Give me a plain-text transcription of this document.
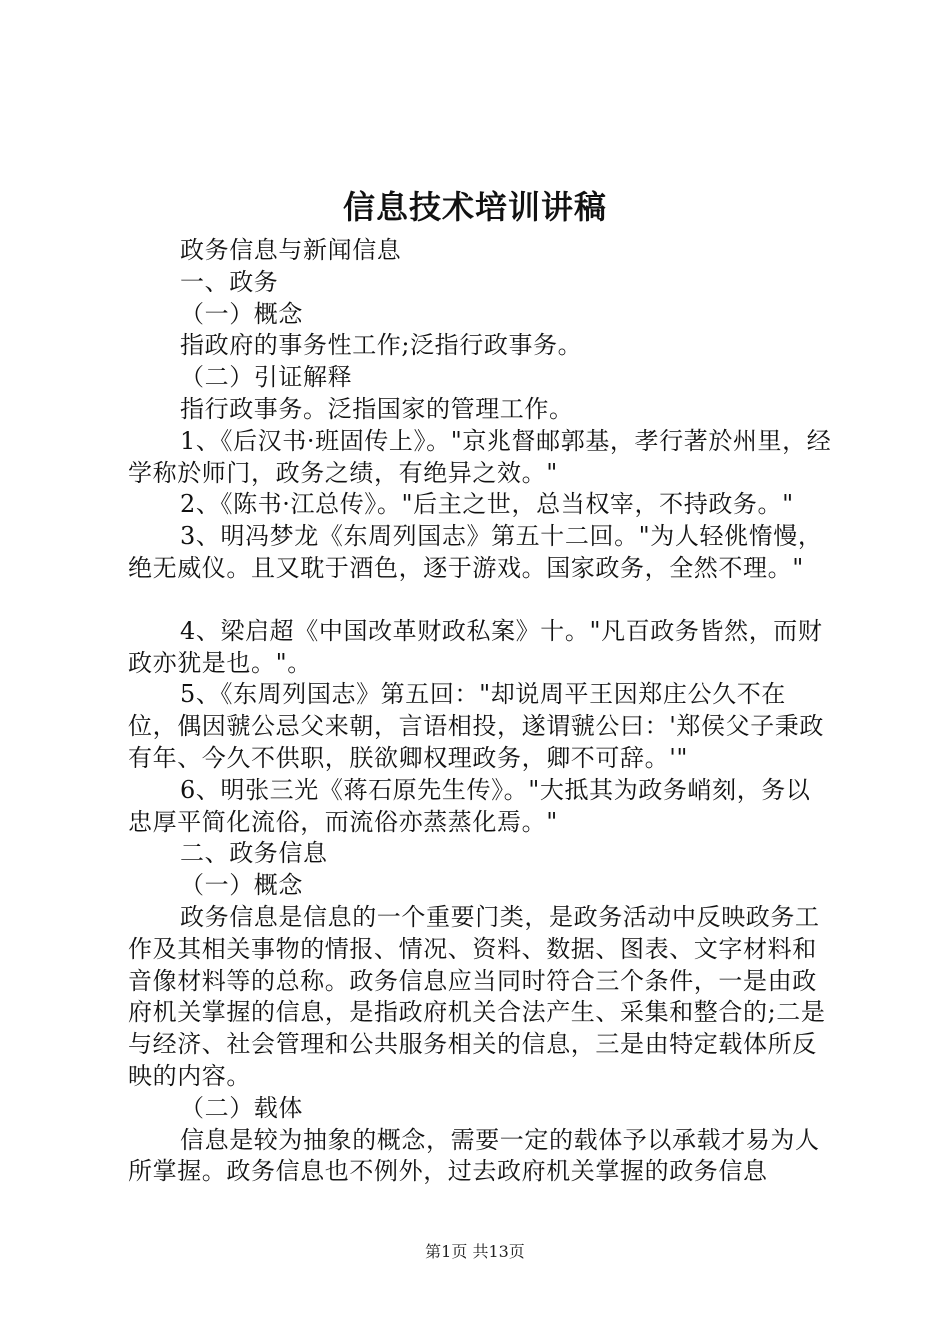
信息技术培训讲稿

政务信息与新闻信息

一、政务

（一）概念

指政府的事务性工作;泛指行政事务。

（二）引证解释

指行政事务。泛指国家的管理工作。

1、《后汉书·班固传上》。"京兆督邮郭基，孝行著於州里，经学称於师门，政务之绩，有绝异之效。"

2、《陈书·江总传》。"后主之世，总当权宰，不持政务。"

3、明冯梦龙《东周列国志》第五十二回。"为人轻佻惰慢，绝无威仪。且又耽于酒色，逐于游戏。国家政务，全然不理。"

4、梁启超《中国改革财政私案》十。"凡百政务皆然，而财政亦犹是也。"。

5、《东周列国志》第五回："却说周平王因郑庄公久不在位，偶因虢公忌父来朝，言语相投，遂谓虢公曰：'郑侯父子秉政有年、今久不供职，朕欲卿权理政务，卿不可辞。'"

6、明张三光《蒋石原先生传》。"大抵其为政务峭刻，务以忠厚平简化流俗，而流俗亦蒸蒸化焉。"

二、政务信息

（一）概念

政务信息是信息的一个重要门类，是政务活动中反映政务工作及其相关事物的情报、情况、资料、数据、图表、文字材料和音像材料等的总称。政务信息应当同时符合三个条件，一是由政府机关掌握的信息，是指政府机关合法产生、采集和整合的;二是与经济、社会管理和公共服务相关的信息，三是由特定载体所反映的内容。

（二）载体

信息是较为抽象的概念，需要一定的载体予以承载才易为人所掌握。政务信息也不例外，过去政府机关掌握的政务信息

第1页 共13页
